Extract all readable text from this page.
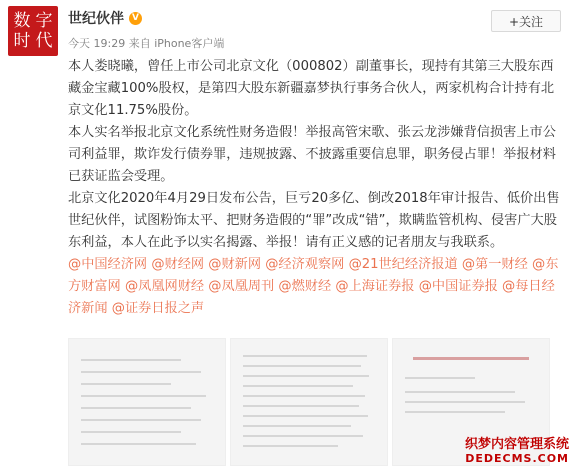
数 字
时 代
世纪伙伴 V	+关注
今天 19:29 来自 iPhone客户端

本人娄晓曦，曾任上市公司北京文化（000802）副董事长，现持有其第三大股东西藏金宝藏100%股权，是第四大股东新疆嘉梦执行事务合伙人，两家机构合计持有北京文化11.75%股份。

本人实名举报北京文化系统性财务造假！举报高管宋歌、张云龙涉嫌背信损害上市公司利益罪，欺诈发行债券罪，违规披露、不披露重要信息罪，职务侵占罪！举报材料已获证监会受理。

北京文化2020年4月29日发布公告，巨亏20多亿、倒改2018年审计报告、低价出售世纪伙伴，试图粉饰太平、把财务造假的“罪”改成“错”，欺瞒监管机构、侵害广大股东利益，本人在此予以实名揭露、举报！请有正义感的记者朋友与我联系。

@中国经济网 @财经网 @财新网 @经济观察网 @21世纪经济报道 @第一财经 @东方财富网 @凤凰网财经 @凤凰周刊 @燃财经 @上海证券报 @中国证券报 @每日经济新闻 @证券日报之声

织梦内容管理系统
DEDECMS.COM
